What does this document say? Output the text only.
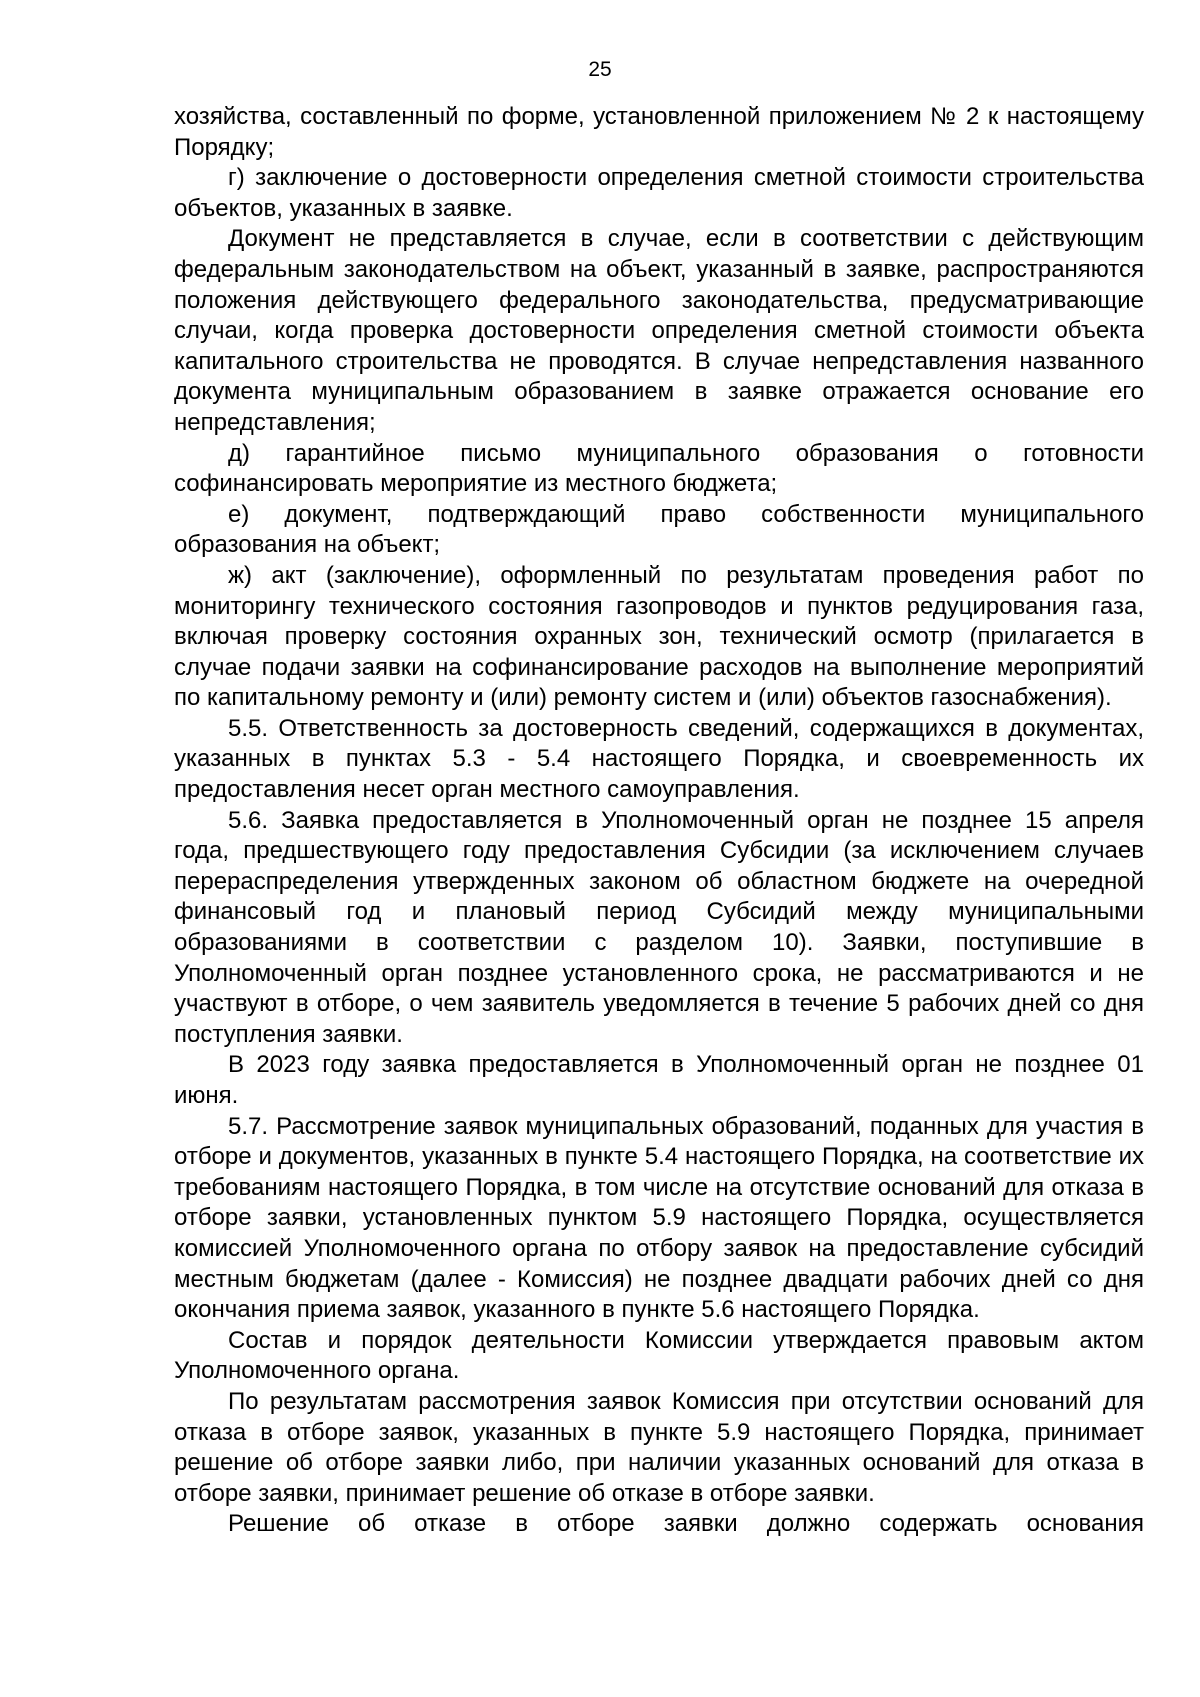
25

хозяйства, составленный по форме, установленной приложением № 2 к настоящему Порядку;

г) заключение о достоверности определения сметной стоимости строительства объектов, указанных в заявке.

Документ не представляется в случае, если в соответствии с действующим федеральным законодательством на объект, указанный в заявке, распространяются положения действующего федерального законодательства, предусматривающие случаи, когда проверка достоверности определения сметной стоимости объекта капитального строительства не проводятся. В случае непредставления названного документа муниципальным образованием в заявке отражается основание его непредставления;

д) гарантийное письмо муниципального образования о готовности софинансировать мероприятие из местного бюджета;

е) документ, подтверждающий право собственности муниципального образования на объект;

ж) акт (заключение), оформленный по результатам проведения работ по мониторингу технического состояния газопроводов и пунктов редуцирования газа, включая проверку состояния охранных зон, технический осмотр (прилагается в случае подачи заявки на софинансирование расходов на выполнение мероприятий по капитальному ремонту и (или) ремонту систем и (или) объектов газоснабжения).

5.5. Ответственность за достоверность сведений, содержащихся в документах, указанных в пунктах 5.3 - 5.4 настоящего Порядка, и своевременность их предоставления несет орган местного самоуправления.

5.6. Заявка предоставляется в Уполномоченный орган не позднее 15 апреля года, предшествующего году предоставления Субсидии (за исключением случаев перераспределения утвержденных законом об областном бюджете на очередной финансовый год и плановый период Субсидий между муниципальными образованиями в соответствии с разделом 10). Заявки, поступившие в Уполномоченный орган позднее установленного срока, не рассматриваются и не участвуют в отборе, о чем заявитель уведомляется в течение 5 рабочих дней со дня поступления заявки.

В 2023 году заявка предоставляется в Уполномоченный орган не позднее 01 июня.

5.7. Рассмотрение заявок муниципальных образований, поданных для участия в отборе и документов, указанных в пункте 5.4 настоящего Порядка, на соответствие их требованиям настоящего Порядка, в том числе на отсутствие оснований для отказа в отборе заявки, установленных пунктом 5.9 настоящего Порядка, осуществляется комиссией Уполномоченного органа по отбору заявок на предоставление субсидий местным бюджетам (далее - Комиссия) не позднее двадцати рабочих дней со дня окончания приема заявок, указанного в пункте 5.6 настоящего Порядка.

Состав и порядок деятельности Комиссии утверждается правовым актом Уполномоченного органа.

По результатам рассмотрения заявок Комиссия при отсутствии оснований для отказа в отборе заявок, указанных в пункте 5.9 настоящего Порядка, принимает решение об отборе заявки либо, при наличии указанных оснований для отказа в отборе заявки, принимает решение об отказе в отборе заявки.

Решение об отказе в отборе заявки должно содержать основания
